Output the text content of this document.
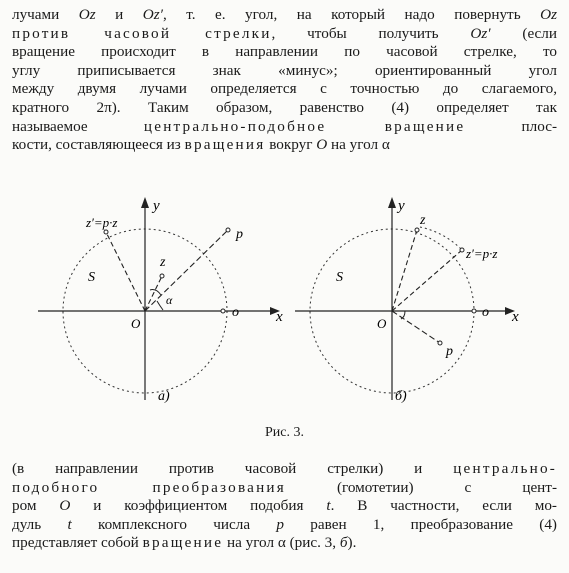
лучами Oz и Oz′, т. е. угол, на который надо повернуть Oz
против часовой стрелки, чтобы получить Oz′ (если
вращение происходит в направлении по часовой стрелке, то
углу приписывается знак «минус»; ориентированный угол
между двумя лучами определяется с точностью до слагаемого,
кратного 2π). Таким образом, равенство (4) определяет так
называемое центрально-подобное вращение плос-
кости, составляющееся из вращения вокруг O на угол α
y
x
o
O
S
z
z′=p·z
p
α
а)
y
x
o
O
S
z
z′=p·z
p
б)
Рис. 3.
(в направлении против часовой стрелки) и центрально-
подобного преобразования (гомотетии) с цент-
ром O и коэффициентом подобия t. В частности, если мо-
дуль t комплексного числа p равен 1, преобразование (4)
представляет собой вращение на угол α (рис. 3, б).
